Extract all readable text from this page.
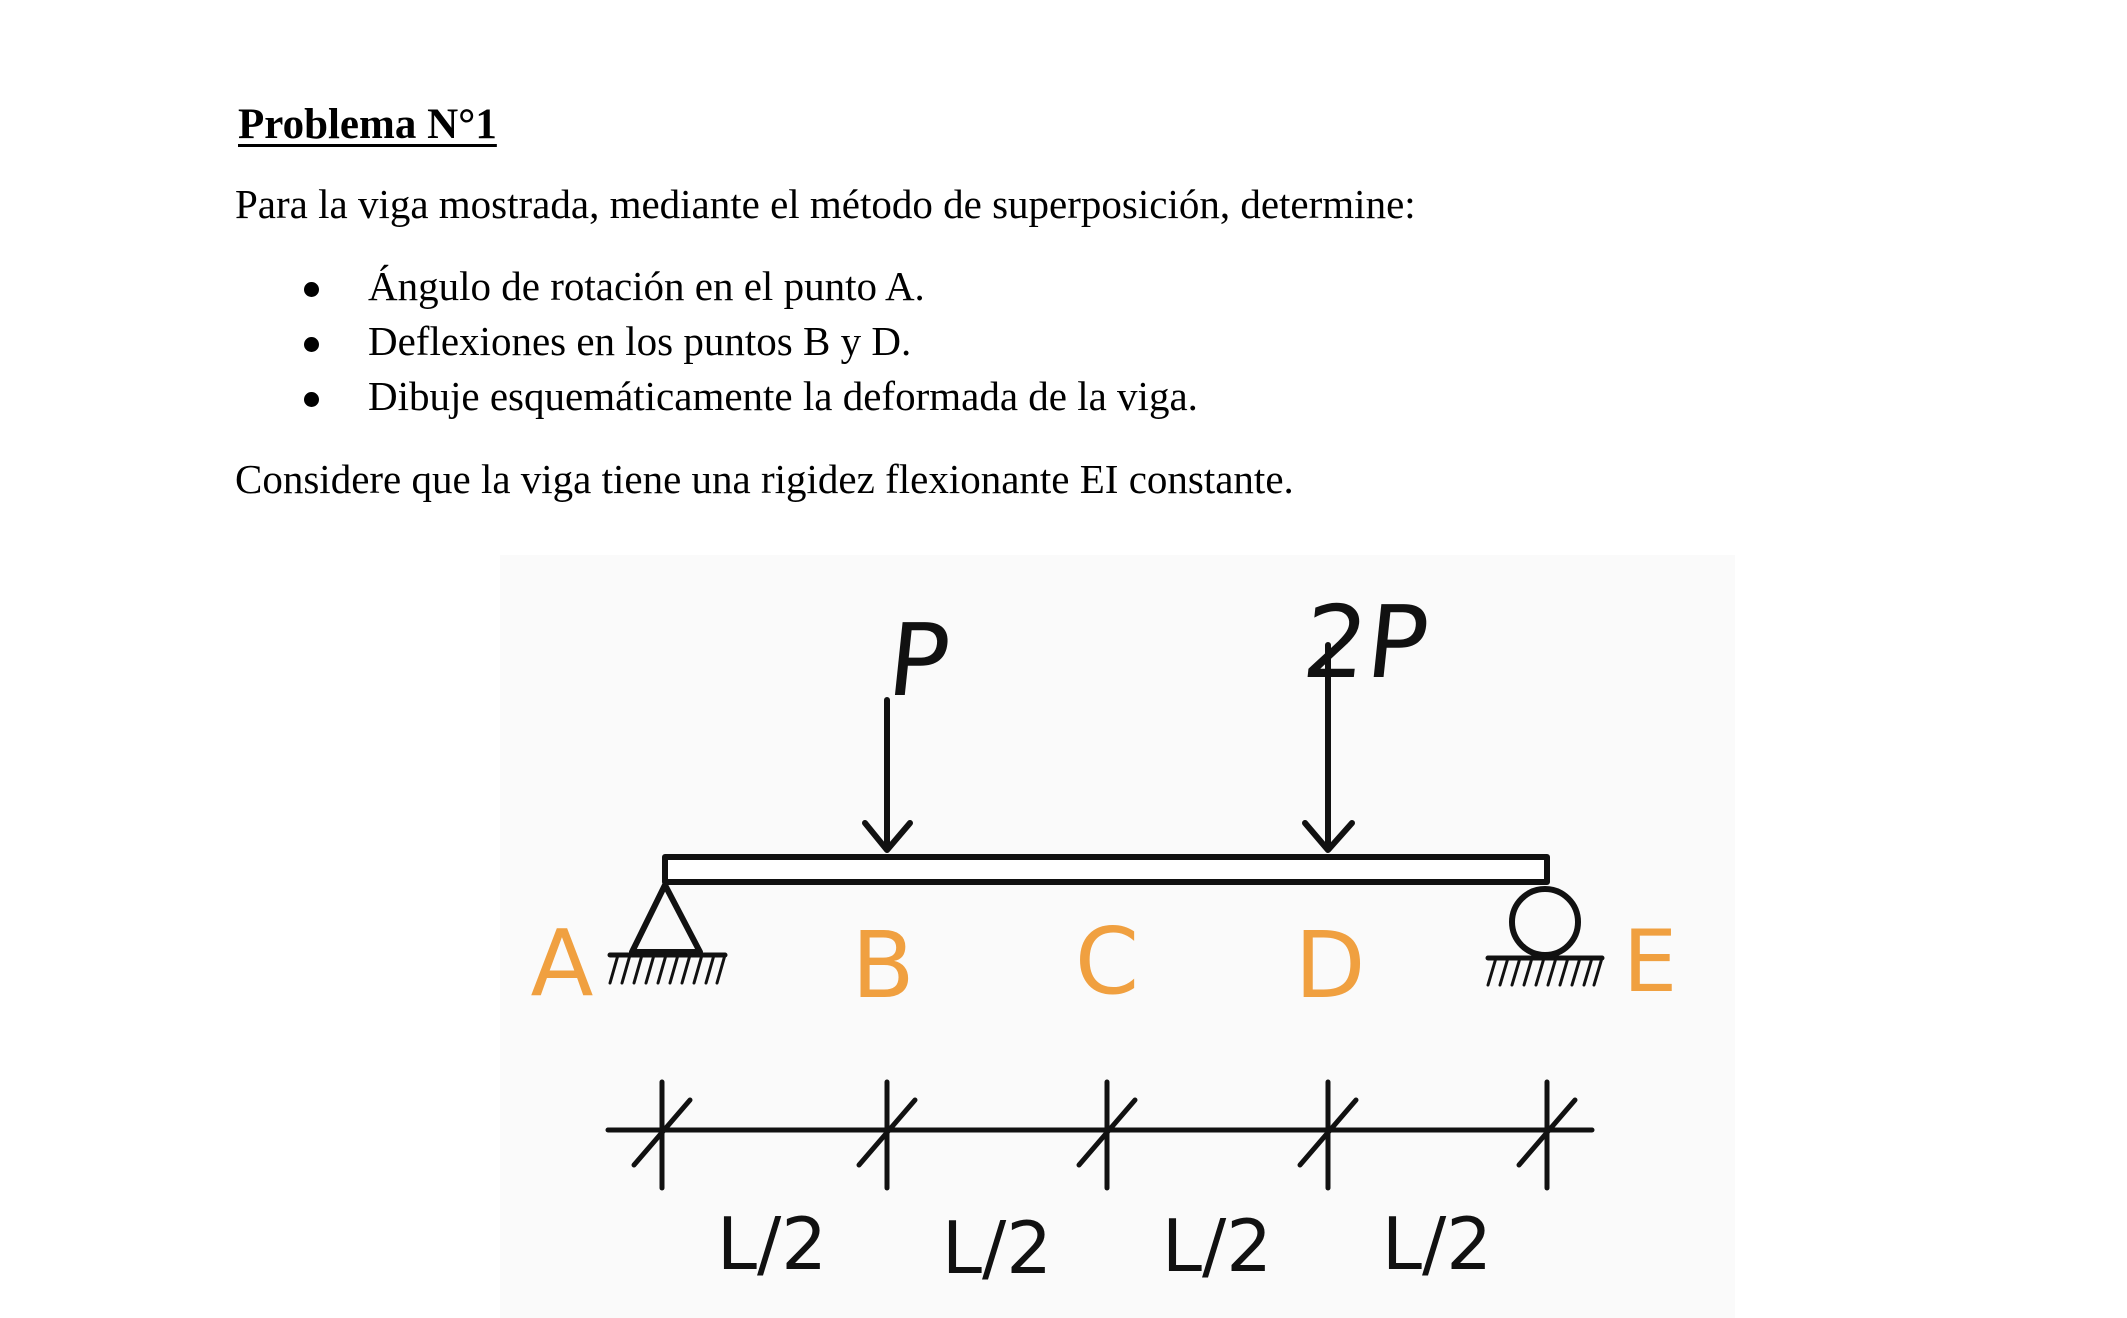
Problema N°1
Para la viga mostrada, mediante el método de superposición, determine:
Ángulo de rotación en el punto A.
Deflexiones en los puntos B y D.
Dibuje esquemáticamente la deformada de la viga.
Considere que la viga tiene una rigidez flexionante EI constante.
P	2P
A	B C D	E
L/2 L/2 L/2 L/2
